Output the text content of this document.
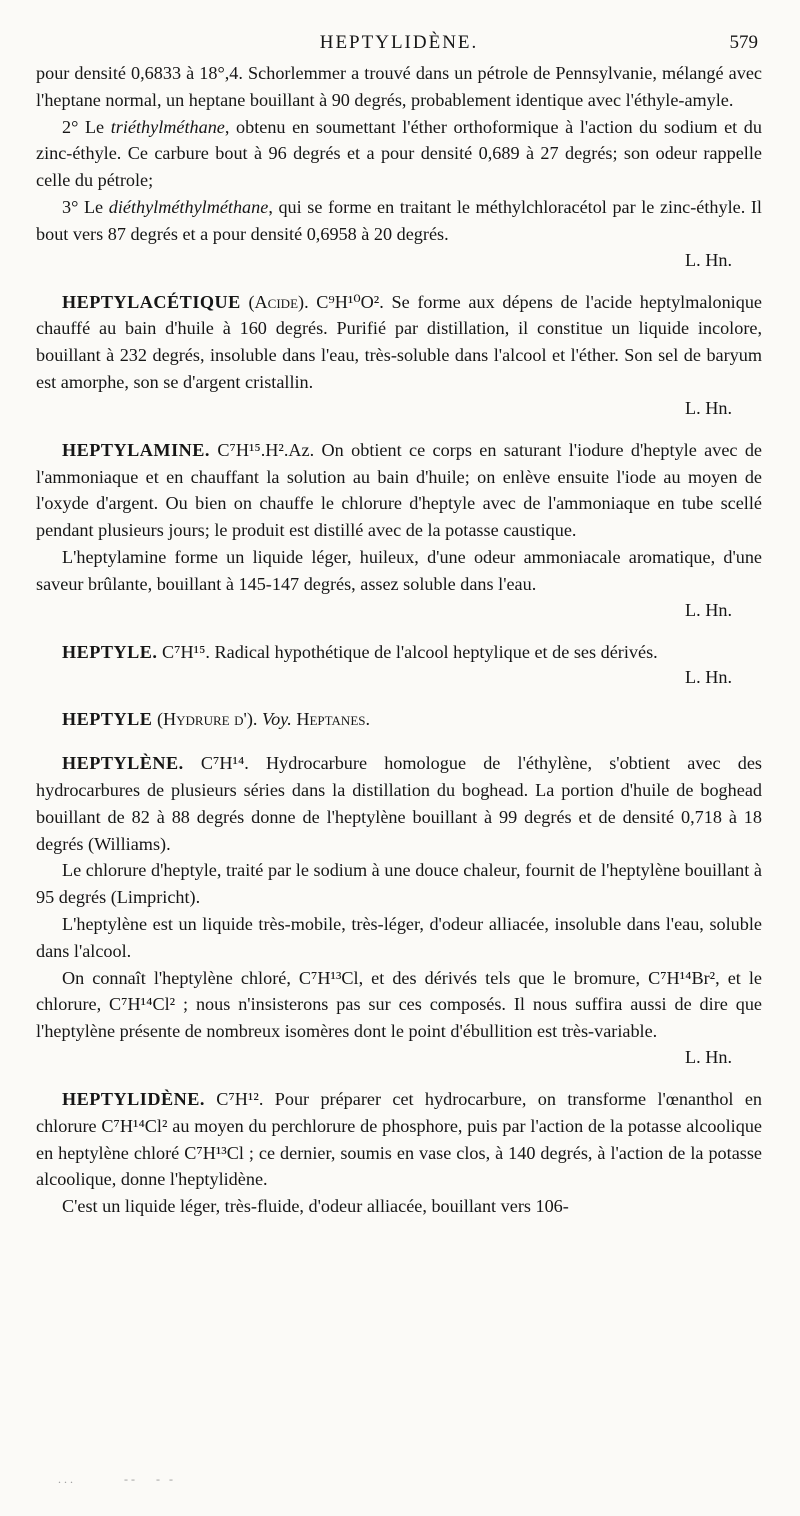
HEPTYLIDÈNE.	579

pour densité 0,6833 à 18°,4. Schorlemmer a trouvé dans un pétrole de Pennsylvanie, mélangé avec l'heptane normal, un heptane bouillant à 90 degrés, probablement identique avec l'éthyle-amyle.

2° Le triéthylméthane, obtenu en soumettant l'éther orthoformique à l'action du sodium et du zinc-éthyle. Ce carbure bout à 96 degrés et a pour densité 0,689 à 27 degrés; son odeur rappelle celle du pétrole;

3° Le diéthylméthylméthane, qui se forme en traitant le méthylchloracétol par le zinc-éthyle. Il bout vers 87 degrés et a pour densité 0,6958 à 20 degrés.

L. Hn.

HEPTYLACÉTIQUE (Acide). C⁹H¹⁰O². Se forme aux dépens de l'acide heptylmalonique chauffé au bain d'huile à 160 degrés. Purifié par distillation, il constitue un liquide incolore, bouillant à 232 degrés, insoluble dans l'eau, très-soluble dans l'alcool et l'éther. Son sel de baryum est amorphe, son se d'argent cristallin.

L. Hn.

HEPTYLAMINE. C⁷H¹⁵.H².Az. On obtient ce corps en saturant l'iodure d'heptyle avec de l'ammoniaque et en chauffant la solution au bain d'huile; on enlève ensuite l'iode au moyen de l'oxyde d'argent. Ou bien on chauffe le chlorure d'heptyle avec de l'ammoniaque en tube scellé pendant plusieurs jours; le produit est distillé avec de la potasse caustique.

L'heptylamine forme un liquide léger, huileux, d'une odeur ammoniacale aromatique, d'une saveur brûlante, bouillant à 145-147 degrés, assez soluble dans l'eau.

L. Hn.

HEPTYLE. C⁷H¹⁵. Radical hypothétique de l'alcool heptylique et de ses dérivés.

L. Hn.

HEPTYLE (Hydrure d'). Voy. Heptanes.

HEPTYLÈNE. C⁷H¹⁴. Hydrocarbure homologue de l'éthylène, s'obtient avec des hydrocarbures de plusieurs séries dans la distillation du boghead. La portion d'huile de boghead bouillant de 82 à 88 degrés donne de l'heptylène bouillant à 99 degrés et de densité 0,718 à 18 degrés (Williams).

Le chlorure d'heptyle, traité par le sodium à une douce chaleur, fournit de l'heptylène bouillant à 95 degrés (Limpricht).

L'heptylène est un liquide très-mobile, très-léger, d'odeur alliacée, insoluble dans l'eau, soluble dans l'alcool.

On connaît l'heptylène chloré, C⁷H¹³Cl, et des dérivés tels que le bromure, C⁷H¹⁴Br², et le chlorure, C⁷H¹⁴Cl² ; nous n'insisterons pas sur ces composés. Il nous suffira aussi de dire que l'heptylène présente de nombreux isomères dont le point d'ébullition est très-variable.

L. Hn.

HEPTYLIDÈNE. C⁷H¹². Pour préparer cet hydrocarbure, on transforme l'œnanthol en chlorure C⁷H¹⁴Cl² au moyen du perchlorure de phosphore, puis par l'action de la potasse alcoolique en heptylène chloré C⁷H¹³Cl ; ce dernier, soumis en vase clos, à 140 degrés, à l'action de la potasse alcoolique, donne l'heptylidène.

C'est un liquide léger, très-fluide, d'odeur alliacée, bouillant vers 106-

...        --   - -
